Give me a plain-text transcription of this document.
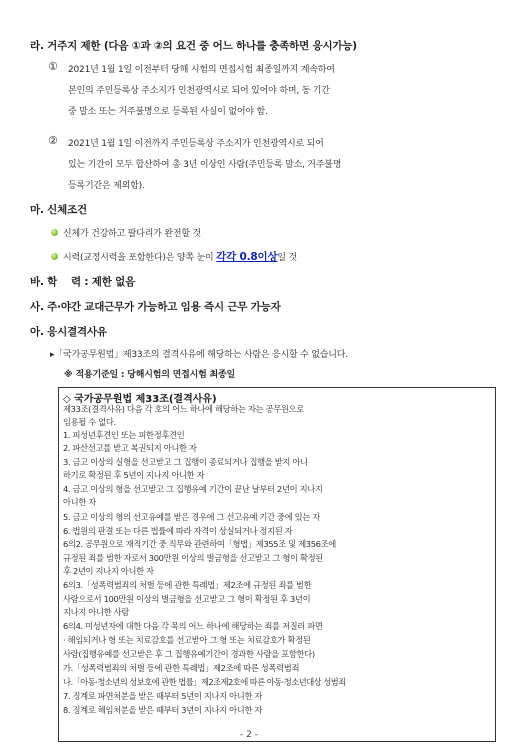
라. 거주지 제한 (다음 ①과 ②의 요건 중 어느 하나를 충족하면 응시가능)
① 2021년 1월 1일 이전부터 당해 시험의 면접시험 최종일까지 계속하여
본인의 주민등록상 주소지가 인천광역시로 되어 있어야 하며, 동 기간
중 말소 또는 거주불명으로 등록된 사실이 없어야 함.
② 2021년 1월 1일 이전까지 주민등록상 주소지가 인천광역시로 되어
있는 기간이 모두 합산하여 총 3년 이상인 사람(주민등록 말소, 거주불명
등록기간은 제외함).
마. 신체조건
신체가 건강하고 팔다리가 완전할 것
시력(교정시력을 포함한다)은 양쪽 눈이 각각 0.8이상일 것
바. 학    력 : 제한 없음
사. 주·야간 교대근무가 가능하고 임용 즉시 근무 가능자
아. 응시결격사유
▸「국가공무원법」제33조의 결격사유에 해당하는 사람은 응시할 수 없습니다.
※ 적용기준일 : 당해시험의 면접시험 최종일
◇ 국가공무원법 제33조(결격사유)
제33조(결격사유) 다음 각 호의 어느 하나에 해당하는 자는 공무원으로
임용될 수 없다.
1. 피성년후견인 또는 피한정후견인
2. 파산선고를 받고 복권되지 아니한 자
3. 금고 이상의 실형을 선고받고 그 집행이 종료되거나 집행을 받지 아니
하기로 확정된 후 5년이 지나지 아니한 자
4. 금고 이상의 형을 선고받고 그 집행유예 기간이 끝난 날부터 2년이 지나지
아니한 자
5. 금고 이상의 형의 선고유예를 받은 경우에 그 선고유예 기간 중에 있는 자
6. 법원의 판결 또는 다른 법률에 따라 자격이 상실되거나 정지된 자
6의2. 공무원으로 재직기간 중 직무와 관련하여「형법」제355조 및 제356조에
규정된 죄를 범한 자로서 300만원 이상의 벌금형을 선고받고 그 형이 확정된
후 2년이 지나지 아니한 자
6의3.「성폭력범죄의 처벌 등에 관한 특례법」제2조에 규정된 죄를 범한
사람으로서 100만원 이상의 벌금형을 선고받고 그 형이 확정된 후 3년이
지나지 아니한 사람
6의4. 미성년자에 대한 다음 각 목의 어느 하나에 해당하는 죄를 저질러 파면
· 해임되거나 형 또는 치료감호를 선고받아 그 형 또는 치료감호가 확정된
사람(집행유예를 선고받은 후 그 집행유예기간이 경과한 사람을 포함한다)
가.「성폭력범죄의 처벌 등에 관한 특례법」제2조에 따른 성폭력범죄
나.「아동·청소년의 성보호에 관한 법률」제2조제2호에 따른 아동·청소년대상 성범죄
7. 징계로 파면처분을 받은 때부터 5년이 지나지 아니한 자
8. 징계로 해임처분을 받은 때부터 3년이 지나지 아니한 자
- 2 -
